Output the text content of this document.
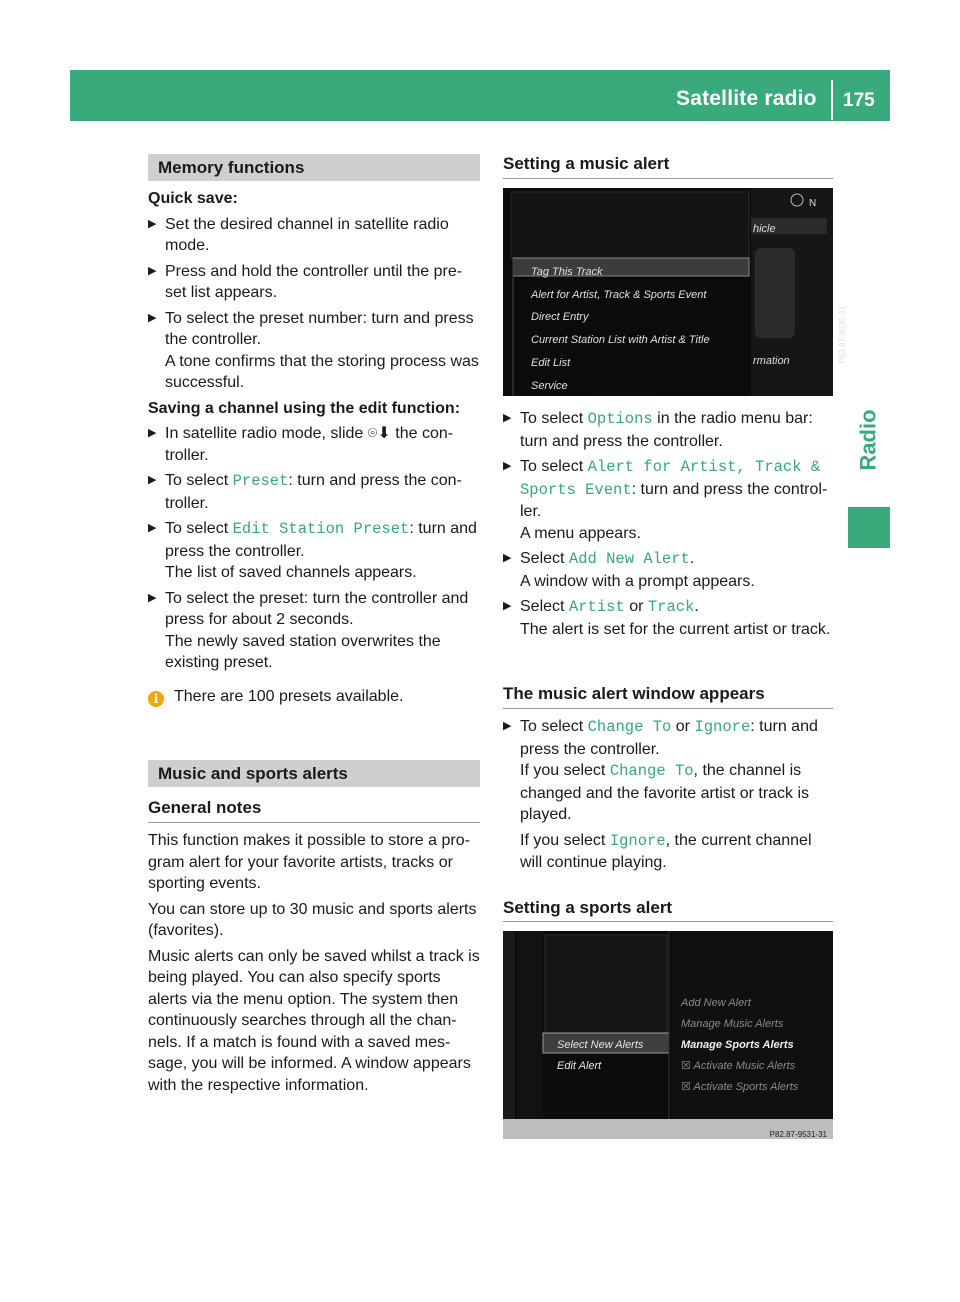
Satellite radio 175
Radio
Memory functions

Quick save:

▶ Set the desired channel in satellite radio mode.
▶ Press and hold the controller until the pre-set list appears.
▶ To select the preset number: turn and press the controller.
A tone confirms that the storing process was successful.

Saving a channel using the edit function:

▶ In satellite radio mode, slide ⌾⬇ the con-troller.
▶ To select Preset: turn and press the con-troller.
▶ To select Edit Station Preset: turn and press the controller.
The list of saved channels appears.
▶ To select the preset: turn the controller and press for about 2 seconds.
The newly saved station overwrites the existing preset.

i There are 100 presets available.

Music and sports alerts
General notes

This function makes it possible to store a pro-gram alert for your favorite artists, tracks or sporting events.

You can store up to 30 music and sports alerts (favorites).

Music alerts can only be saved whilst a track is being played. You can also specify sports alerts via the menu option. The system then continuously searches through all the chan-nels. If a match is found with a saved mes-sage, you will be informed. A window appears with the respective information.

Setting a music alert
Tag This Track
Alert for Artist, Track & Sports Event
Direct Entry
Current Station List with Artist & Title
Edit List
Service
N
hicle
rmation	P82.87-9530-31
▶ To select Options in the radio menu bar: turn and press the controller.
▶ To select Alert for Artist, Track & Sports Event: turn and press the control-ler.
A menu appears.
▶ Select Add New Alert.
A window with a prompt appears.
▶ Select Artist or Track.
The alert is set for the current artist or track.
The music alert window appears
▶ To select Change To or Ignore: turn and press the controller.
If you select Change To, the channel is changed and the favorite artist or track is played.
If you select Ignore, the current channel will continue playing.
Setting a sports alert
Select New Alerts
Edit Alert
Add New Alert
Manage Music Alerts
Manage Sports Alerts
☒ Activate Music Alerts
☒ Activate Sports Alerts
P82.87-9531-31
